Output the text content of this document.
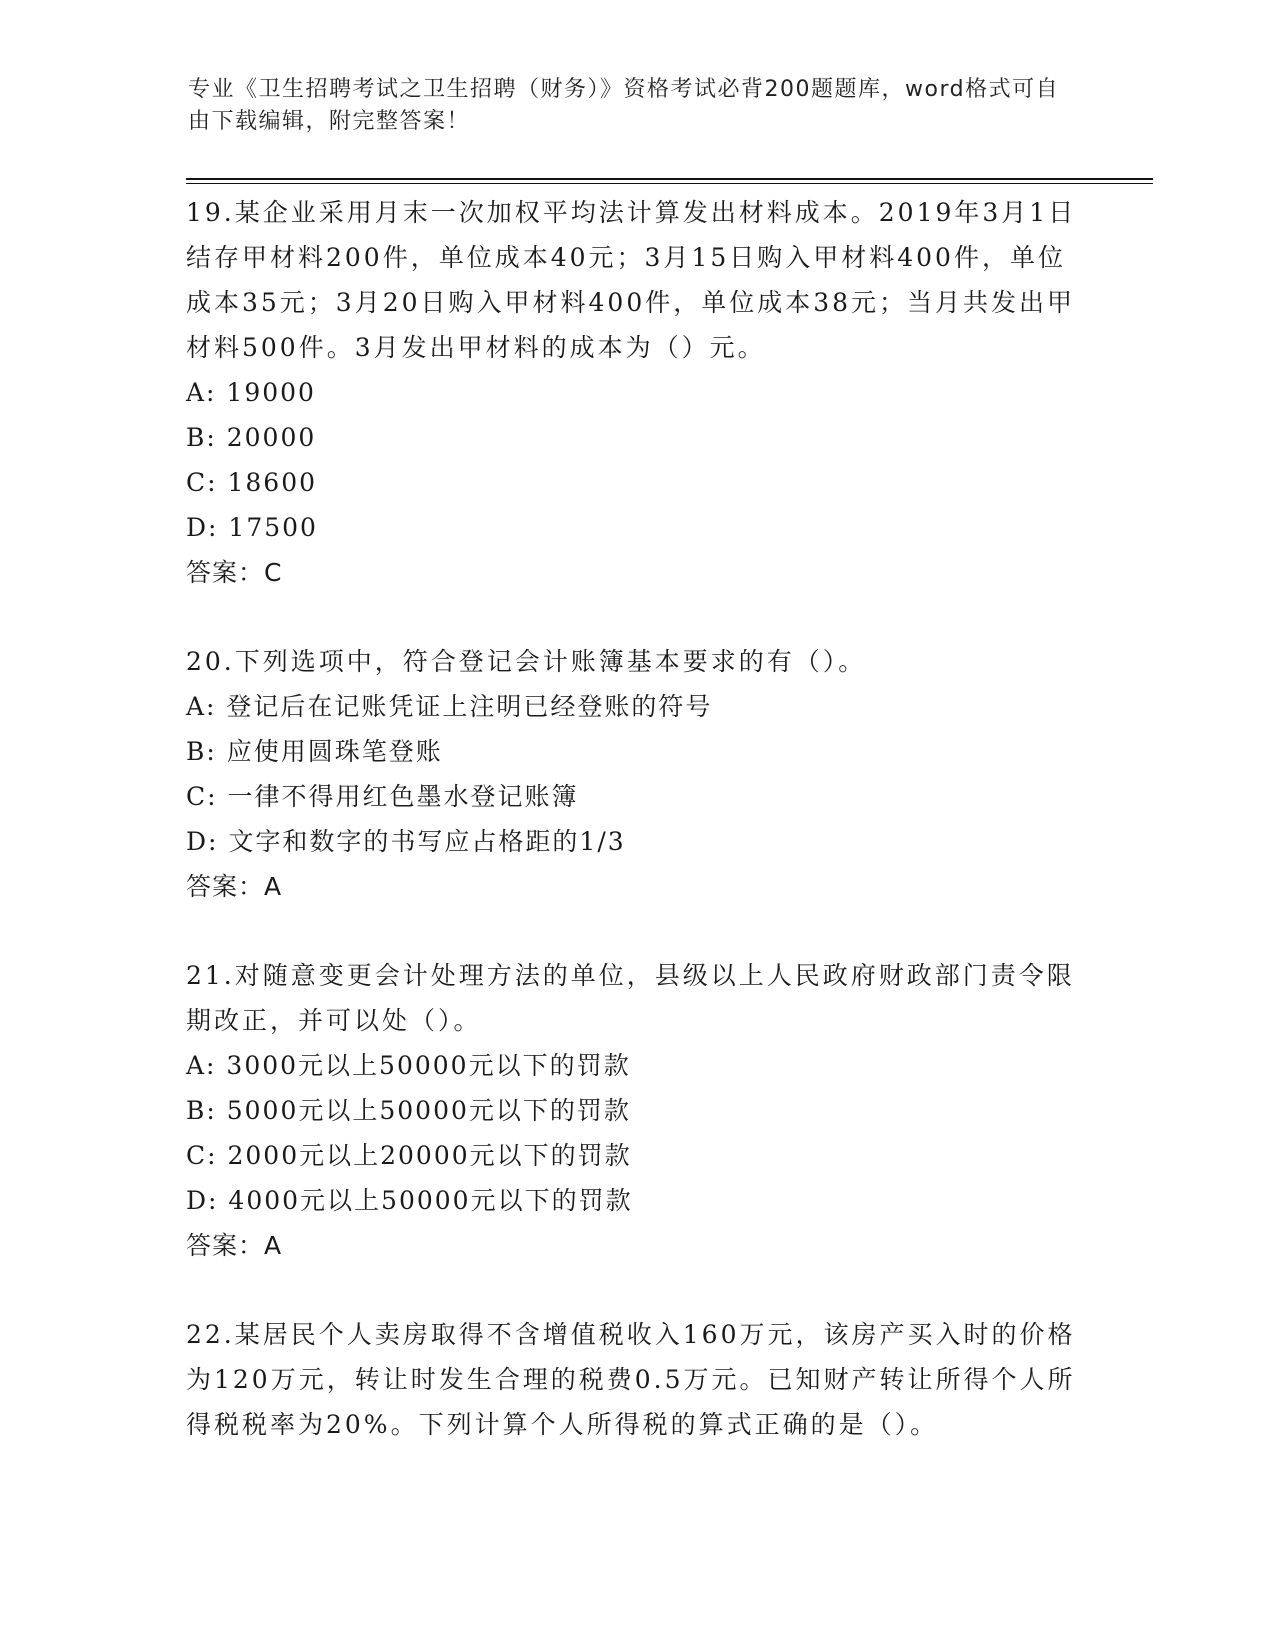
专业《卫生招聘考试之卫生招聘（财务）》资格考试必背200题题库，word格式可自由下载编辑，附完整答案！

19.某企业采用月末一次加权平均法计算发出材料成本。2019年3月1日结存甲材料200件，单位成本40元；3月15日购入甲材料400件，单位成本35元；3月20日购入甲材料400件，单位成本38元；当月共发出甲材料500件。3月发出甲材料的成本为（）元。

A: 19000

B: 20000

C: 18600

D: 17500

答案：C

20.下列选项中，符合登记会计账簿基本要求的有（）。

A: 登记后在记账凭证上注明已经登账的符号

B: 应使用圆珠笔登账

C: 一律不得用红色墨水登记账簿

D: 文字和数字的书写应占格距的1/3

答案：A

21.对随意变更会计处理方法的单位，县级以上人民政府财政部门责令限期改正，并可以处（）。

A: 3000元以上50000元以下的罚款

B: 5000元以上50000元以下的罚款

C: 2000元以上20000元以下的罚款

D: 4000元以上50000元以下的罚款

答案：A

22.某居民个人卖房取得不含增值税收入160万元，该房产买入时的价格为120万元，转让时发生合理的税费0.5万元。已知财产转让所得个人所得税税率为20%。下列计算个人所得税的算式正确的是（）。
